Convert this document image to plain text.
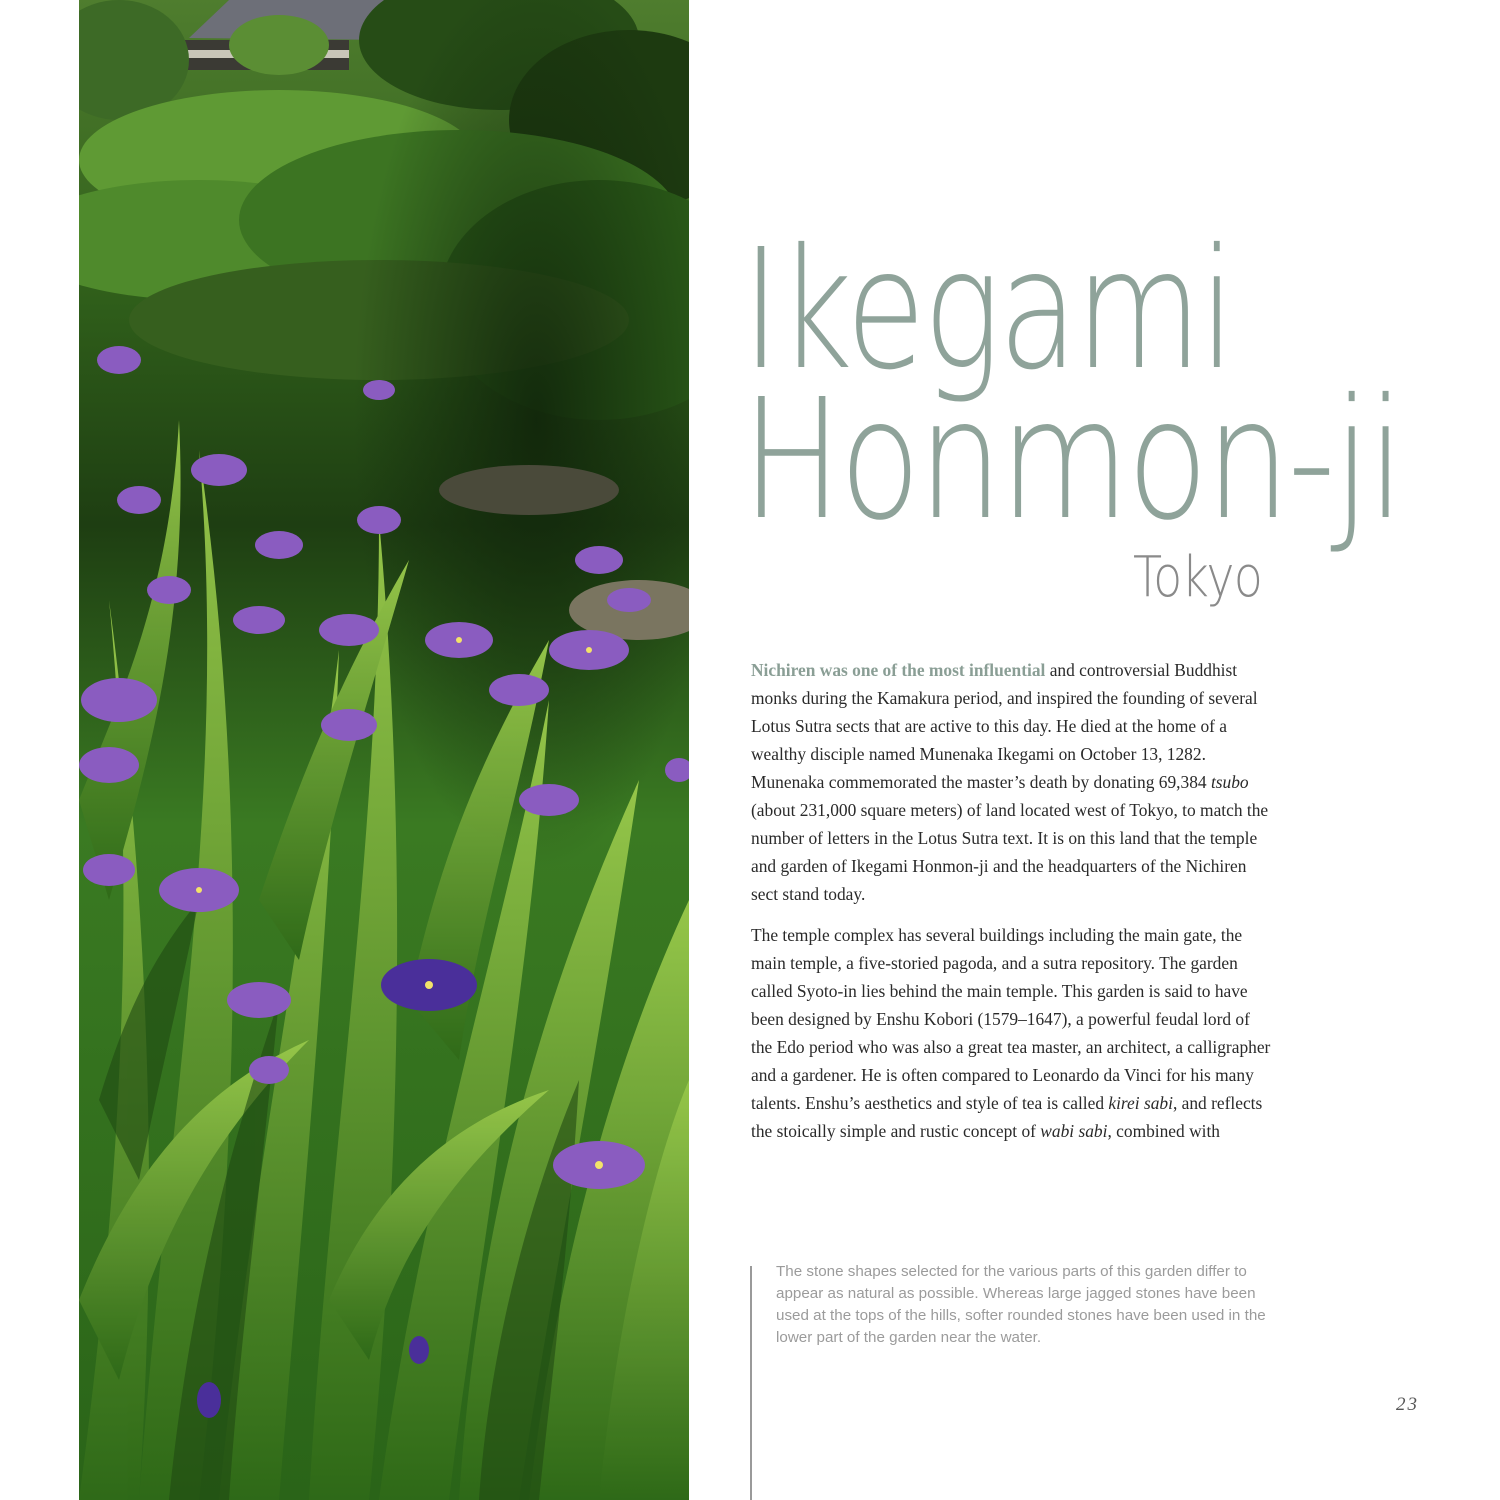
Ikegami
Honmon-ji
Tokyo

Nichiren was one of the most influential and controversial Buddhist monks during the Kamakura period, and inspired the founding of several Lotus Sutra sects that are active to this day. He died at the home of a wealthy disciple named Munenaka Ikegami on October 13, 1282. Munenaka commemorated the master’s death by donating 69,384 tsubo (about 231,000 square meters) of land located west of Tokyo, to match the number of letters in the Lotus Sutra text. It is on this land that the temple and garden of Ikegami Honmon-ji and the headquarters of the Nichiren sect stand today.

The temple complex has several buildings including the main gate, the main temple, a five-storied pagoda, and a sutra repository. The garden called Syoto-in lies behind the main temple. This garden is said to have been designed by Enshu Kobori (1579–1647), a powerful feudal lord of the Edo period who was also a great tea master, an architect, a calligrapher and a gardener. He is often compared to Leonardo da Vinci for his many talents. Enshu’s aesthetics and style of tea is called kirei sabi, and reflects the stoically simple and rustic concept of wabi sabi, combined with

The stone shapes selected for the various parts of this garden differ to appear as natural as possible. Whereas large jagged stones have been used at the tops of the hills, softer rounded stones have been used in the lower part of the garden near the water.
23
